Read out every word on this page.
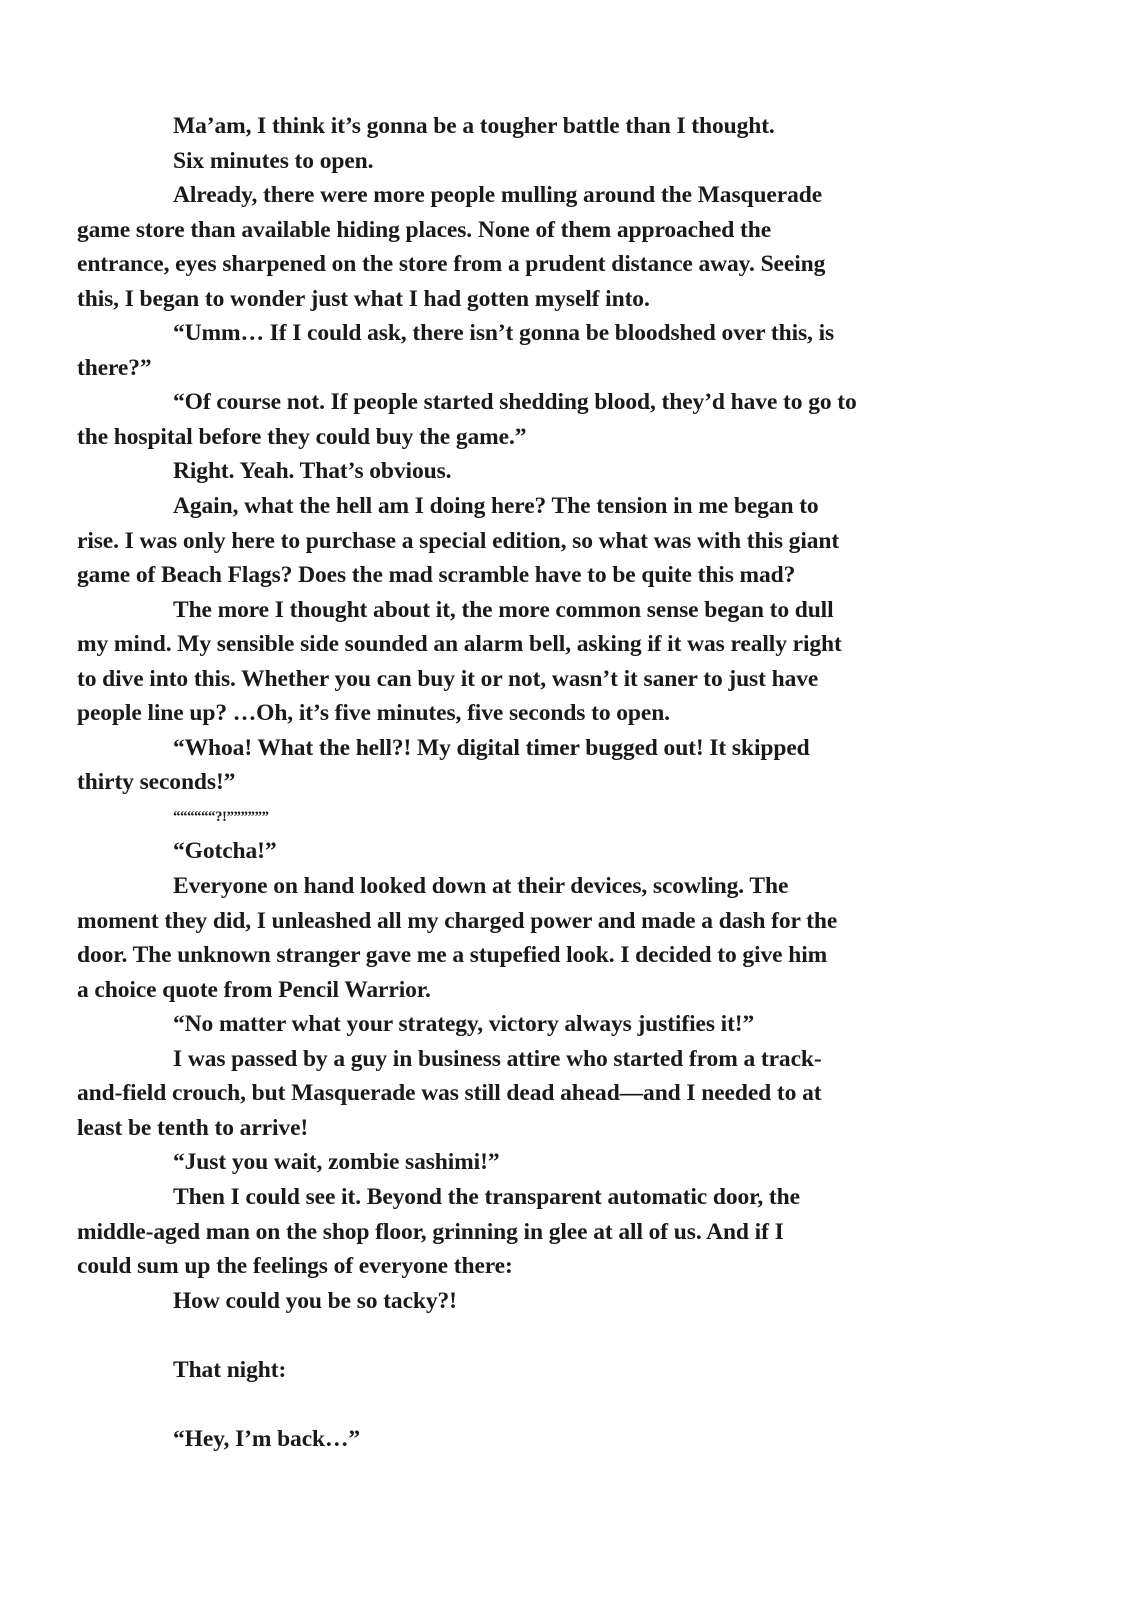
Ma’am, I think it’s gonna be a tougher battle than I thought.

Six minutes to open.

Already, there were more people mulling around the Masquerade
game store than available hiding places. None of them approached the
entrance, eyes sharpened on the store from a prudent distance away. Seeing
this, I began to wonder just what I had gotten myself into.

“Umm… If I could ask, there isn’t gonna be bloodshed over this, is
there?”

“Of course not. If people started shedding blood, they’d have to go to
the hospital before they could buy the game.”

Right. Yeah. That’s obvious.

Again, what the hell am I doing here? The tension in me began to
rise. I was only here to purchase a special edition, so what was with this giant
game of Beach Flags? Does the mad scramble have to be quite this mad?

The more I thought about it, the more common sense began to dull
my mind. My sensible side sounded an alarm bell, asking if it was really right
to dive into this. Whether you can buy it or not, wasn’t it saner to just have
people line up? …Oh, it’s five minutes, five seconds to open.

“Whoa! What the hell?! My digital timer bugged out! It skipped
thirty seconds!”

““““““?!””””””

“Gotcha!”

Everyone on hand looked down at their devices, scowling. The
moment they did, I unleashed all my charged power and made a dash for the
door. The unknown stranger gave me a stupefied look. I decided to give him
a choice quote from Pencil Warrior.

“No matter what your strategy, victory always justifies it!”

I was passed by a guy in business attire who started from a track-
and-field crouch, but Masquerade was still dead ahead—and I needed to at
least be tenth to arrive!

“Just you wait, zombie sashimi!”

Then I could see it. Beyond the transparent automatic door, the
middle-aged man on the shop floor, grinning in glee at all of us. And if I
could sum up the feelings of everyone there:

How could you be so tacky?!

That night:

“Hey, I’m back…”
